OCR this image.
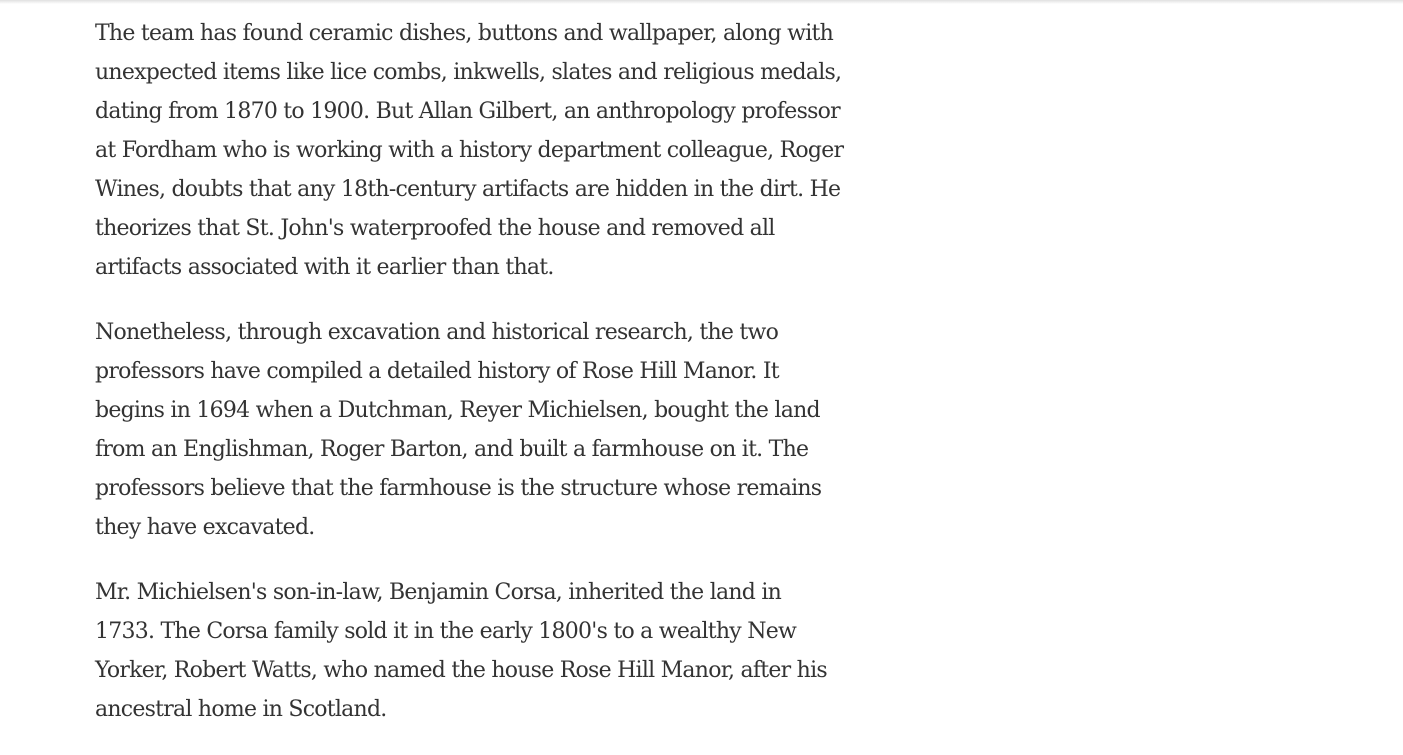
The team has found ceramic dishes, buttons and wallpaper, along with
unexpected items like lice combs, inkwells, slates and religious medals,
dating from 1870 to 1900. But Allan Gilbert, an anthropology professor
at Fordham who is working with a history department colleague, Roger
Wines, doubts that any 18th-century artifacts are hidden in the dirt. He
theorizes that St. John's waterproofed the house and removed all
artifacts associated with it earlier than that.

Nonetheless, through excavation and historical research, the two
professors have compiled a detailed history of Rose Hill Manor. It
begins in 1694 when a Dutchman, Reyer Michielsen, bought the land
from an Englishman, Roger Barton, and built a farmhouse on it. The
professors believe that the farmhouse is the structure whose remains
they have excavated.

Mr. Michielsen's son-in-law, Benjamin Corsa, inherited the land in
1733. The Corsa family sold it in the early 1800's to a wealthy New
Yorker, Robert Watts, who named the house Rose Hill Manor, after his
ancestral home in Scotland.
